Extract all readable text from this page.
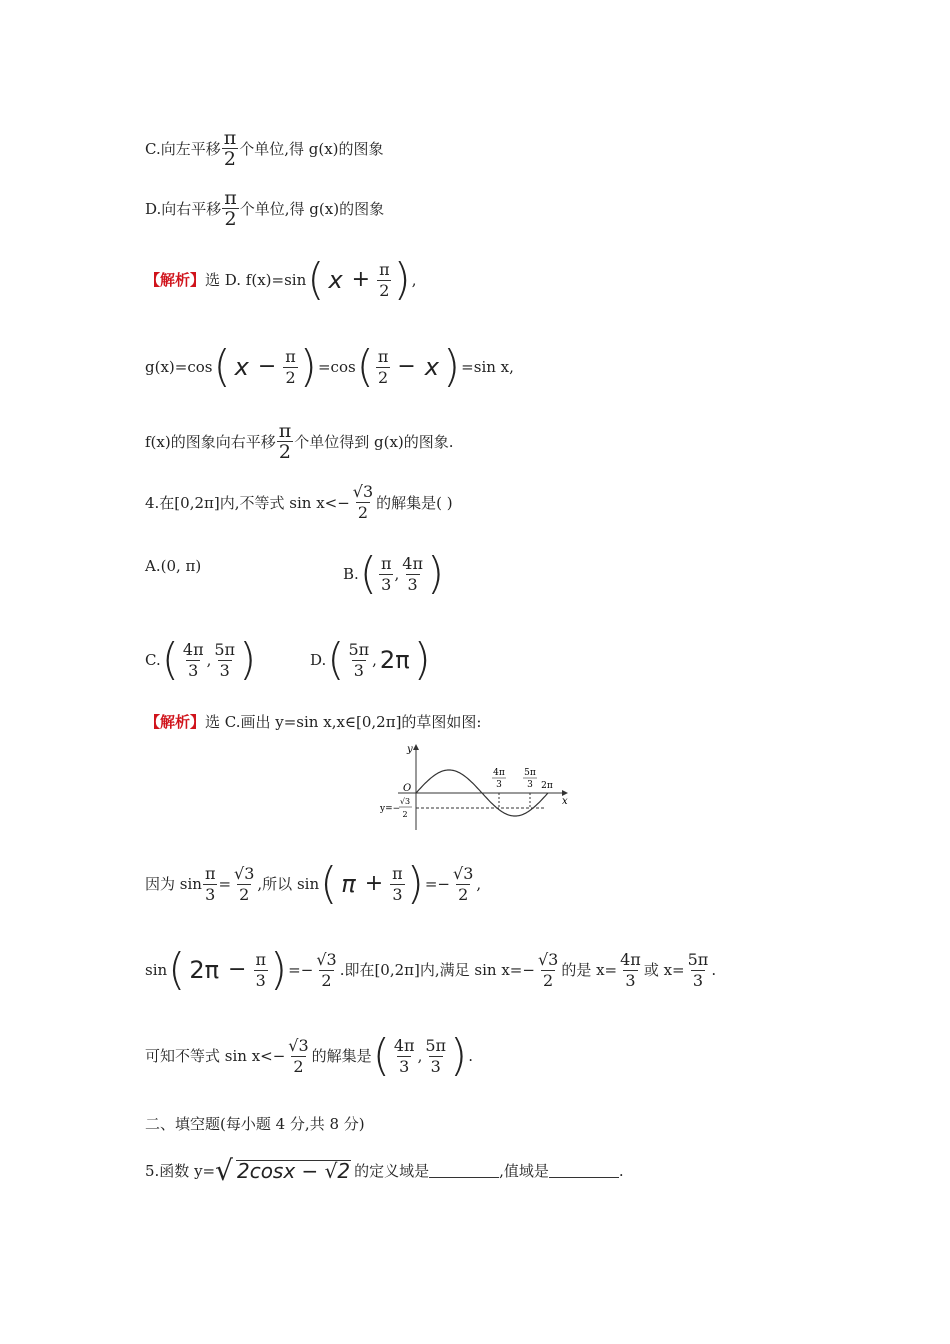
C.向左平移 $\frac{\pi}{2}$ 个单位,得 g(x)的图象
D.向右平移 $\frac{\pi}{2}$ 个单位,得 g(x)的图象
【解析】 选 D. f(x)=sin ( $x + \frac{\pi}{2}$ ) ,
g(x)=cos ( $x - \frac{\pi}{2}$ ) =cos ( $\frac{\pi}{2} - x$ ) =sin x,
f(x)的图象向右平移 $\frac{\pi}{2}$ 个单位得到 g(x)的图象.
4.在[0,2π]内,不等式 $\sin x<- \frac{√3}{2}$ 的解集是( )
A.(0, π)	B. ( $\frac{\pi}{3}$ , $\frac{4\pi}{3}$ )
C. ( $\frac{4\pi}{3}$ , $\frac{5\pi}{3}$ )	D. ( $\frac{5\pi}{3}$ , 2π )
【解析】 选 C.画出 y=sin x,x∈[0,2π]的草图如图:
y
x
O
4π
3
5π
3 2π
y=−
√3
2
因为 $\sin \frac{\pi}{3} = \frac{√3}{2}$ ,所以 sin ( $\pi + \frac{\pi}{3}$ ) =− $\frac{√3}{2}$ ,
sin ( $2\pi - \frac{\pi}{3}$ ) =− $\frac{√3}{2}$ .即在[0,2π]内,满足 $\sin x=- \frac{√3}{2}$ 的是 $x= \frac{4\pi}{3}$ 或 $x= \frac{5\pi}{3}$ .
可知不等式 $\sin x<- \frac{√3}{2}$ 的解集是 ( $\frac{4\pi}{3}$ , $\frac{5\pi}{3}$ ) .
二、填空题(每小题 4 分,共 8 分)
5.函数 y= √ 2cosx − √2 的定义域是	,值域是	.
